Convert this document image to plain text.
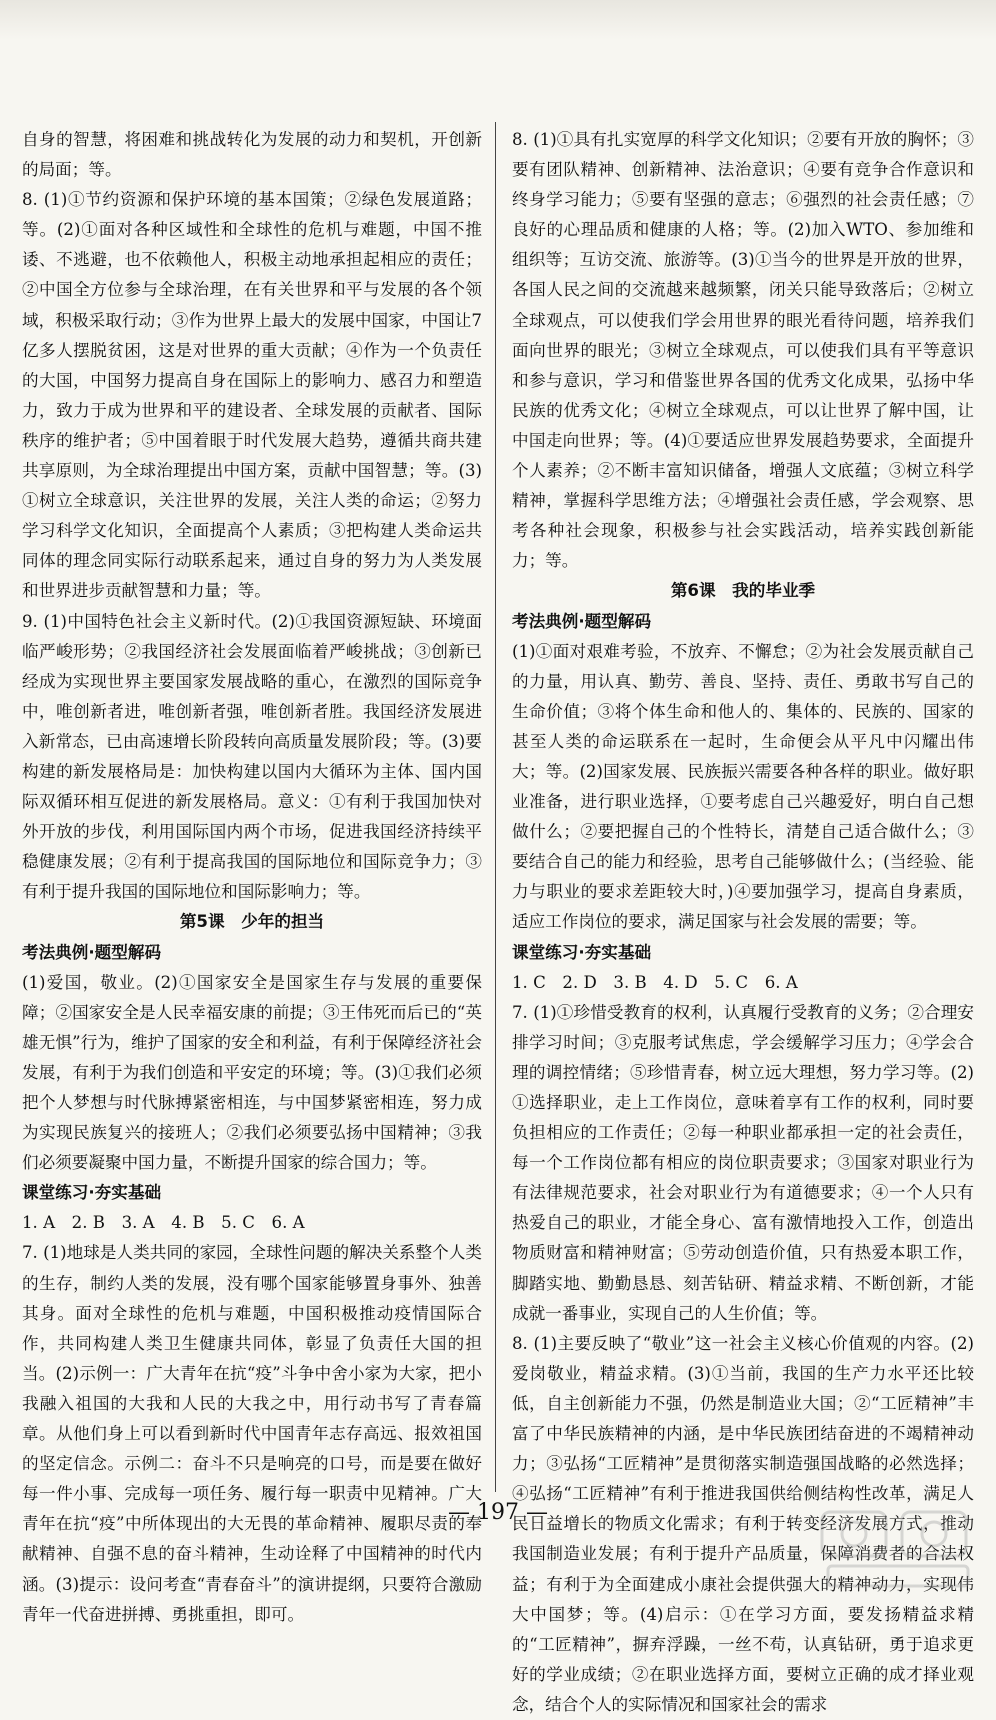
自身的智慧，将困难和挑战转化为发展的动力和契机，开创新的局面；等。

8. (1)①节约资源和保护环境的基本国策；②绿色发展道路；等。(2)①面对各种区域性和全球性的危机与难题，中国不推诿、不逃避，也不依赖他人，积极主动地承担起相应的责任；②中国全方位参与全球治理，在有关世界和平与发展的各个领域，积极采取行动；③作为世界上最大的发展中国家，中国让7亿多人摆脱贫困，这是对世界的重大贡献；④作为一个负责任的大国，中国努力提高自身在国际上的影响力、感召力和塑造力，致力于成为世界和平的建设者、全球发展的贡献者、国际秩序的维护者；⑤中国着眼于时代发展大趋势，遵循共商共建共享原则，为全球治理提出中国方案，贡献中国智慧；等。(3)①树立全球意识，关注世界的发展，关注人类的命运；②努力学习科学文化知识，全面提高个人素质；③把构建人类命运共同体的理念同实际行动联系起来，通过自身的努力为人类发展和世界进步贡献智慧和力量；等。

9. (1)中国特色社会主义新时代。(2)①我国资源短缺、环境面临严峻形势；②我国经济社会发展面临着严峻挑战；③创新已经成为实现世界主要国家发展战略的重心，在激烈的国际竞争中，唯创新者进，唯创新者强，唯创新者胜。我国经济发展进入新常态，已由高速增长阶段转向高质量发展阶段；等。(3)要构建的新发展格局是：加快构建以国内大循环为主体、国内国际双循环相互促进的新发展格局。意义：①有利于我国加快对外开放的步伐，利用国际国内两个市场，促进我国经济持续平稳健康发展；②有利于提高我国的国际地位和国际竞争力；③有利于提升我国的国际地位和国际影响力；等。

第5课　少年的担当

考法典例·题型解码

(1)爱国，敬业。(2)①国家安全是国家生存与发展的重要保障；②国家安全是人民幸福安康的前提；③王伟死而后已的“英雄无惧”行为，维护了国家的安全和利益，有利于保障经济社会发展，有利于为我们创造和平安定的环境；等。(3)①我们必须把个人梦想与时代脉搏紧密相连，与中国梦紧密相连，努力成为实现民族复兴的接班人；②我们必须要弘扬中国精神；③我们必须要凝聚中国力量，不断提升国家的综合国力；等。

课堂练习·夯实基础

1. A　2. B　3. A　4. B　5. C　6. A

7. (1)地球是人类共同的家园，全球性问题的解决关系整个人类的生存，制约人类的发展，没有哪个国家能够置身事外、独善其身。面对全球性的危机与难题，中国积极推动疫情国际合作，共同构建人类卫生健康共同体，彰显了负责任大国的担当。(2)示例一：广大青年在抗“疫”斗争中舍小家为大家，把小我融入祖国的大我和人民的大我之中，用行动书写了青春篇章。从他们身上可以看到新时代中国青年志存高远、报效祖国的坚定信念。示例二：奋斗不只是响亮的口号，而是要在做好每一件小事、完成每一项任务、履行每一职责中见精神。广大青年在抗“疫”中所体现出的大无畏的革命精神、履职尽责的奉献精神、自强不息的奋斗精神，生动诠释了中国精神的时代内涵。(3)提示：设问考查“青春奋斗”的演讲提纲，只要符合激励青年一代奋进拼搏、勇挑重担，即可。

8. (1)①具有扎实宽厚的科学文化知识；②要有开放的胸怀；③要有团队精神、创新精神、法治意识；④要有竞争合作意识和终身学习能力；⑤要有坚强的意志；⑥强烈的社会责任感；⑦良好的心理品质和健康的人格；等。(2)加入WTO、参加维和组织等；互访交流、旅游等。(3)①当今的世界是开放的世界，各国人民之间的交流越来越频繁，闭关只能导致落后；②树立全球观点，可以使我们学会用世界的眼光看待问题，培养我们面向世界的眼光；③树立全球观点，可以使我们具有平等意识和参与意识，学习和借鉴世界各国的优秀文化成果，弘扬中华民族的优秀文化；④树立全球观点，可以让世界了解中国，让中国走向世界；等。(4)①要适应世界发展趋势要求，全面提升个人素养；②不断丰富知识储备，增强人文底蕴；③树立科学精神，掌握科学思维方法；④增强社会责任感，学会观察、思考各种社会现象，积极参与社会实践活动，培养实践创新能力；等。

第6课　我的毕业季

考法典例·题型解码

(1)①面对艰难考验，不放弃、不懈怠；②为社会发展贡献自己的力量，用认真、勤劳、善良、坚持、责任、勇敢书写自己的生命价值；③将个体生命和他人的、集体的、民族的、国家的甚至人类的命运联系在一起时，生命便会从平凡中闪耀出伟大；等。(2)国家发展、民族振兴需要各种各样的职业。做好职业准备，进行职业选择，①要考虑自己兴趣爱好，明白自己想做什么；②要把握自己的个性特长，清楚自己适合做什么；③要结合自己的能力和经验，思考自己能够做什么；(当经验、能力与职业的要求差距较大时，)④要加强学习，提高自身素质，适应工作岗位的要求，满足国家与社会发展的需要；等。

课堂练习·夯实基础

1. C　2. D　3. B　4. D　5. C　6. A

7. (1)①珍惜受教育的权利，认真履行受教育的义务；②合理安排学习时间；③克服考试焦虑，学会缓解学习压力；④学会合理的调控情绪；⑤珍惜青春，树立远大理想，努力学习等。(2)①选择职业，走上工作岗位，意味着享有工作的权利，同时要负担相应的工作责任；②每一种职业都承担一定的社会责任，每一个工作岗位都有相应的岗位职责要求；③国家对职业行为有法律规范要求，社会对职业行为有道德要求；④一个人只有热爱自己的职业，才能全身心、富有激情地投入工作，创造出物质财富和精神财富；⑤劳动创造价值，只有热爱本职工作，脚踏实地、勤勤恳恳、刻苦钻研、精益求精、不断创新，才能成就一番事业，实现自己的人生价值；等。

8. (1)主要反映了“敬业”这一社会主义核心价值观的内容。(2)爱岗敬业，精益求精。(3)①当前，我国的生产力水平还比较低，自主创新能力不强，仍然是制造业大国；②“工匠精神”丰富了中华民族精神的内涵，是中华民族团结奋进的不竭精神动力；③弘扬“工匠精神”是贯彻落实制造强国战略的必然选择；④弘扬“工匠精神”有利于推进我国供给侧结构性改革，满足人民日益增长的物质文化需求；有利于转变经济发展方式，推动我国制造业发展；有利于提升产品质量，保障消费者的合法权益；有利于为全面建成小康社会提供强大的精神动力，实现伟大中国梦；等。(4)启示：①在学习方面，要发扬精益求精的“工匠精神”，摒弃浮躁，一丝不苟，认真钻研，勇于追求更好的学业成绩；②在职业选择方面，要树立正确的成才择业观念，结合个人的实际情况和国家社会的需求

— 197 —
